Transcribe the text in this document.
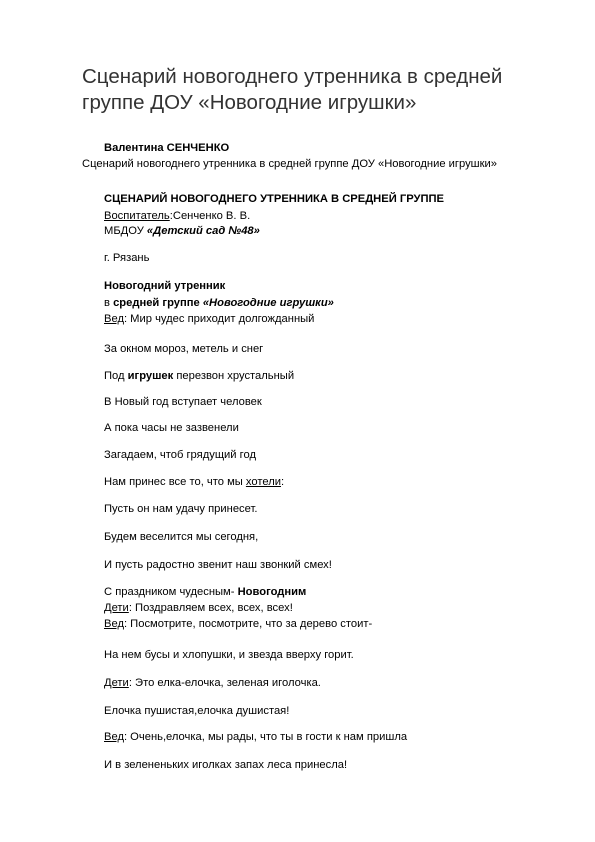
Сценарий новогоднего утренника в средней группе ДОУ «Новогодние игрушки»
Валентина СЕНЧЕНКО
Сценарий новогоднего утренника в средней группе ДОУ «Новогодние игрушки»
СЦЕНАРИЙ НОВОГОДНЕГО УТРЕННИКА В СРЕДНЕЙ ГРУППЕ
Воспитатель:Сенченко В. В.
МБДОУ «Детский сад №48»
г. Рязань
Новогодний утренник
в средней группе «Новогодние игрушки»
Вед: Мир чудес приходит долгожданный
За окном мороз, метель и снег
Под игрушек перезвон хрустальный
В Новый год вступает человек
А пока часы не зазвенели
Загадаем, чтоб грядущий год
Нам принес все то, что мы хотели:
Пусть он нам удачу принесет.
Будем веселится мы сегодня,
И пусть радостно звенит наш звонкий смех!
С праздником чудесным- Новогодним
Дети: Поздравляем всех, всех, всех!
Вед: Посмотрите, посмотрите, что за дерево стоит-
На нем бусы и хлопушки, и звезда вверху горит.
Дети: Это елка-елочка, зеленая иголочка.
Елочка пушистая,елочка душистая!
Вед: Очень,елочка, мы рады, что ты в гости к нам пришла
И в зелененьких иголках запах леса принесла!
